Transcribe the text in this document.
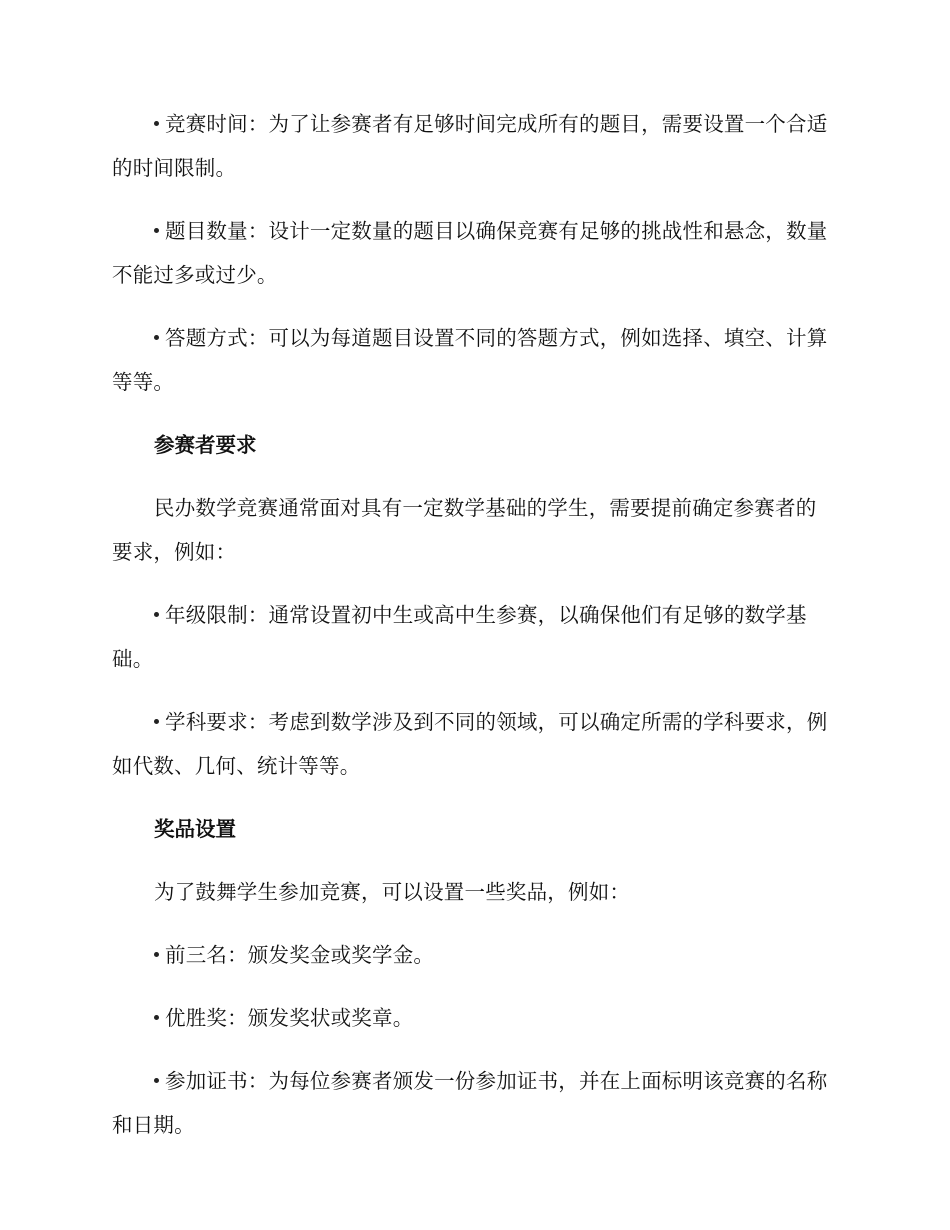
竞赛时间：为了让参赛者有足够时间完成所有的题目，需要设置一个合适的时间限制。

题目数量：设计一定数量的题目以确保竞赛有足够的挑战性和悬念，数量不能过多或过少。

答题方式：可以为每道题目设置不同的答题方式，例如选择、填空、计算等等。

参赛者要求

民办数学竞赛通常面对具有一定数学基础的学生，需要提前确定参赛者的要求，例如：

年级限制：通常设置初中生或高中生参赛，以确保他们有足够的数学基础。

学科要求：考虑到数学涉及到不同的领域，可以确定所需的学科要求，例如代数、几何、统计等等。

奖品设置

为了鼓舞学生参加竞赛，可以设置一些奖品，例如：

前三名：颁发奖金或奖学金。

优胜奖：颁发奖状或奖章。

参加证书：为每位参赛者颁发一份参加证书，并在上面标明该竞赛的名称和日期。
